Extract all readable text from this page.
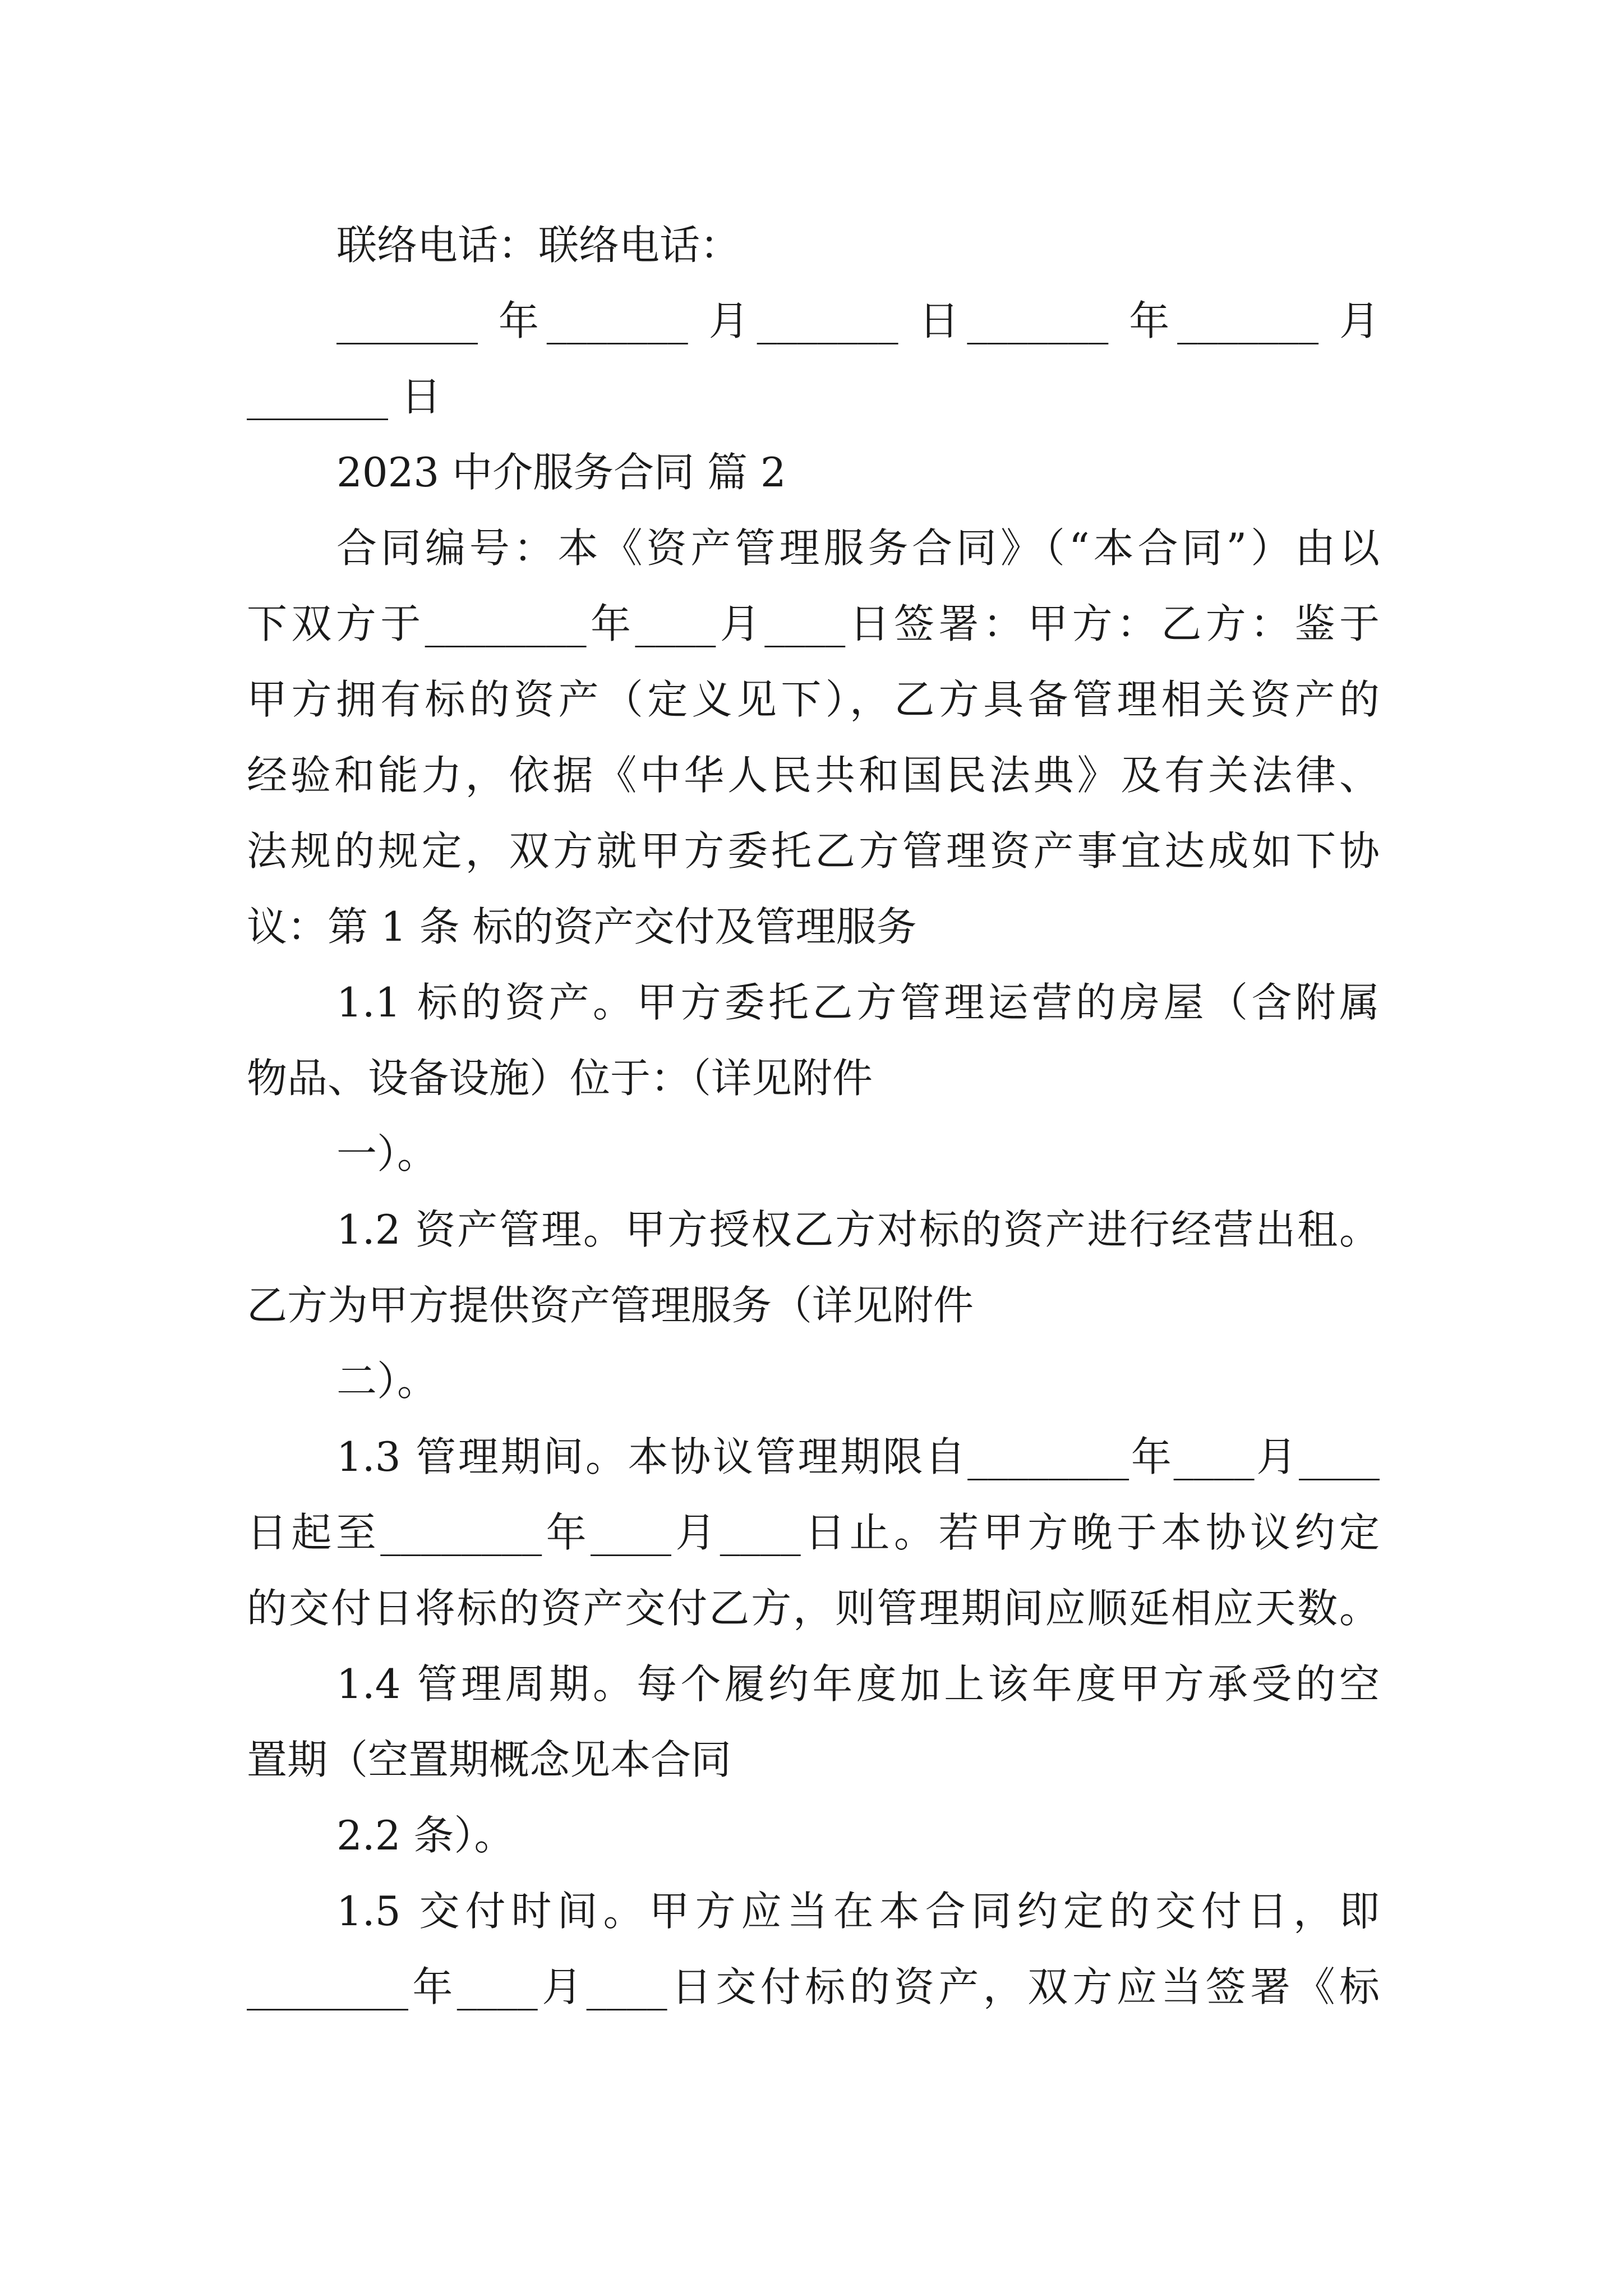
联络电话：联络电话：
_______ 年_______ 月_______ 日_______ 年_______ 月
_______ 日
2023 中介服务合同 篇 2
合同编号：本《资产管理服务合同》（“本合同”）由以
下双方于________年____月____日签署：甲方：乙方：鉴于
甲方拥有标的资产（定义见下），乙方具备管理相关资产的
经验和能力，依据《中华人民共和国民法典》及有关法律、
法规的规定，双方就甲方委托乙方管理资产事宜达成如下协
议：第 1 条 标的资产交付及管理服务
1.1 标的资产。甲方委托乙方管理运营的房屋（含附属
物品、设备设施）位于：（详见附件
一）。
1.2 资产管理。甲方授权乙方对标的资产进行经营出租。
乙方为甲方提供资产管理服务（详见附件
二）。
1.3 管理期间。本协议管理期限自________年____月____
日起至________年____月____日止。若甲方晚于本协议约定
的交付日将标的资产交付乙方，则管理期间应顺延相应天数。
1.4 管理周期。每个履约年度加上该年度甲方承受的空
置期（空置期概念见本合同
2.2 条）。
1.5 交付时间。甲方应当在本合同约定的交付日，即
________年____月____日交付标的资产，双方应当签署《标
